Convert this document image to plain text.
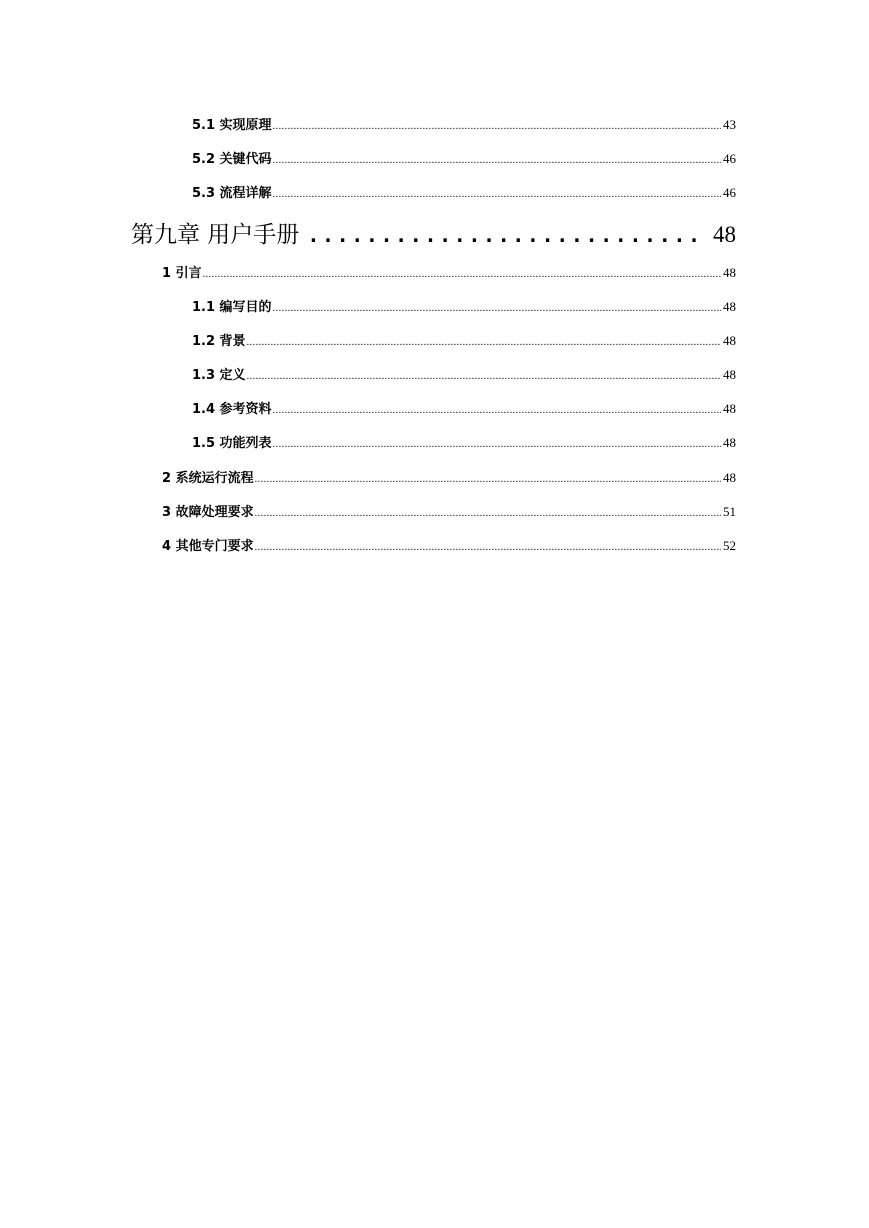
5.1 实现原理 .....	43
5.2 关键代码 .....	46
5.3 流程详解 .....	46
第九章 用户手册 .....	48
1 引言 .....	48
1.1 编写目的 .....	48
1.2 背景 .....	48
1.3 定义 .....	48
1.4 参考资料 .....	48
1.5 功能列表 .....	48
2 系统运行流程 .....	48
3 故障处理要求 .....	51
4 其他专门要求 .....	52
